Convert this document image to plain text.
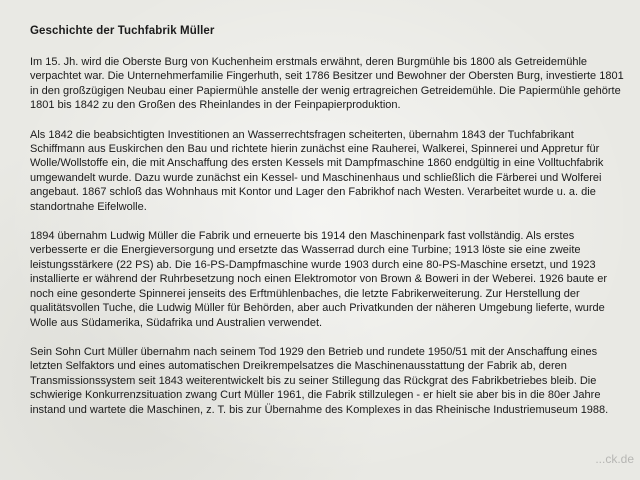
Geschichte der Tuchfabrik Müller

Im 15. Jh. wird die Oberste Burg von Kuchenheim erstmals erwähnt, deren Burgmühle bis 1800 als Getreidemühle verpachtet war. Die Unternehmerfamilie Fingerhuth, seit 1786 Besitzer und Bewohner der Obersten Burg, investierte 1801 in den großzügigen Neubau einer Papiermühle anstelle der wenig ertragreichen Getreidemühle. Die Papiermühle gehörte 1801 bis 1842 zu den Großen des Rheinlandes in der Feinpapierproduktion.

Als 1842 die beabsichtigten Investitionen an Wasserrechtsfragen scheiterten, übernahm 1843 der Tuchfabrikant Schiffmann aus Euskirchen den Bau und richtete hierin zunächst eine Rauherei, Walkerei, Spinnerei und Appretur für Wolle/Wollstoffe ein, die mit Anschaffung des ersten Kessels mit Dampfmaschine 1860 endgültig in eine Volltuchfabrik umgewandelt wurde. Dazu wurde zunächst ein Kessel- und Maschinenhaus und schließlich die Färberei und Wolferei angebaut. 1867 schloß das Wohnhaus mit Kontor und Lager den Fabrikhof nach Westen. Verarbeitet wurde u. a. die standortnahe Eifelwolle.

1894 übernahm Ludwig Müller die Fabrik und erneuerte bis 1914 den Maschinenpark fast vollständig. Als erstes verbesserte er die Energieversorgung und ersetzte das Wasserrad durch eine Turbine; 1913 löste sie eine zweite leistungsstärkere (22 PS) ab. Die 16-PS-Dampfmaschine wurde 1903 durch eine 80-PS-Maschine ersetzt, und 1923 installierte er während der Ruhrbesetzung noch einen Elektromotor von Brown & Boweri in der Weberei. 1926 baute er noch eine gesonderte Spinnerei jenseits des Erftmühlenbaches, die letzte Fabrikerweiterung. Zur Herstellung der qualitätsvollen Tuche, die Ludwig Müller für Behörden, aber auch Privatkunden der näheren Umgebung lieferte, wurde Wolle aus Südamerika, Südafrika und Australien verwendet.

Sein Sohn Curt Müller übernahm nach seinem Tod 1929 den Betrieb und rundete 1950/51 mit der Anschaffung eines letzten Selfaktors und eines automatischen Dreikrempelsatzes die Maschinenausstattung der Fabrik ab, deren Transmissionssystem seit 1843 weiterentwickelt bis zu seiner Stillegung das Rückgrat des Fabrikbetriebes bleib. Die schwierige Konkurrenzsituation zwang Curt Müller 1961, die Fabrik stillzulegen - er hielt sie aber bis in die 80er Jahre instand und wartete die Maschinen, z. T. bis zur Übernahme des Komplexes in das Rheinische Industriemuseum 1988.

...ck.de
